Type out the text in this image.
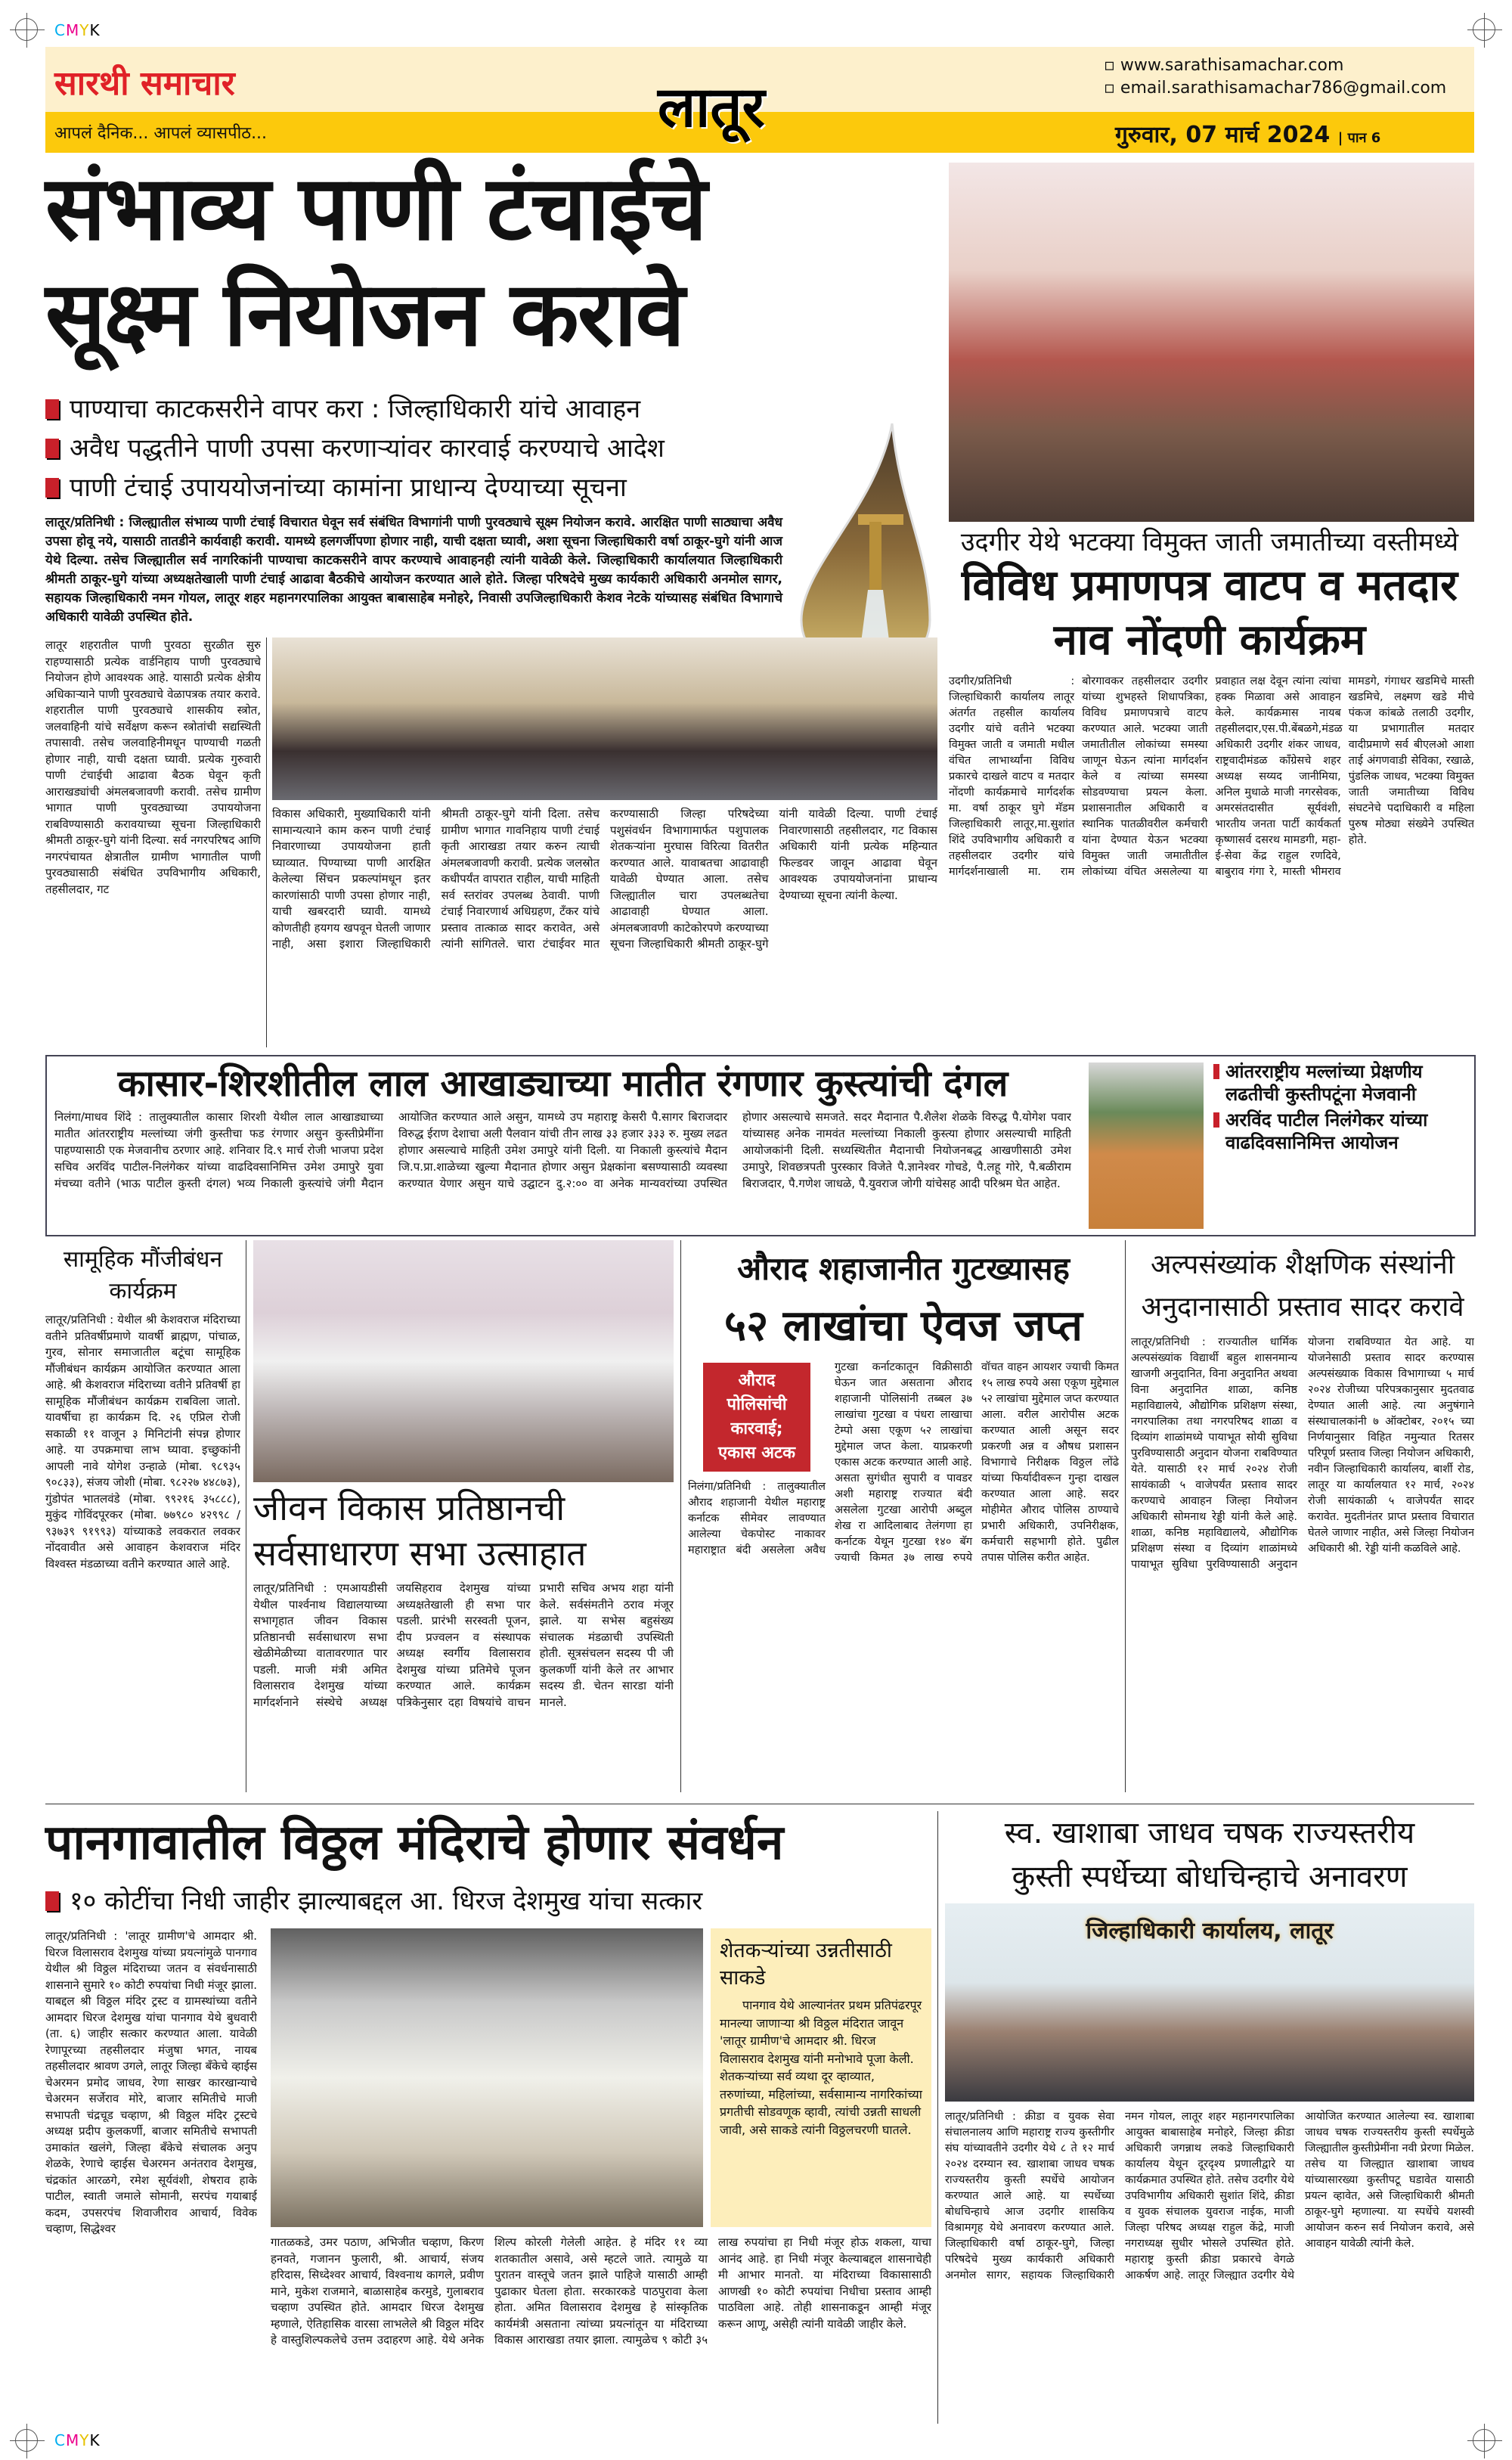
CMYK
CMYK
सारथी समाचार
आपलं दैनिक... आपलं व्यासपीठ...	लातूर
▫ www.sarathisamachar.com
▫ email.sarathisamachar786@gmail.com
गुरुवार, 07 मार्च 2024 | पान 6
संभाव्य पाणी टंचाईचे
सूक्ष्म नियोजन करावे
पाण्याचा काटकसरीने वापर करा : जिल्हाधिकारी यांचे आवाहन
अवैध पद्धतीने पाणी उपसा करणाऱ्यांवर कारवाई करण्याचे आदेश
पाणी टंचाई उपाययोजनांच्या कामांना प्राधान्य देण्याच्या सूचना
लातूर/प्रतिनिधी : जिल्ह्यातील संभाव्य पाणी टंचाई विचारात घेवून सर्व संबंधित विभागांनी पाणी पुरवठ्याचे सूक्ष्म नियोजन करावे. आरक्षित पाणी साठ्याचा अवैध उपसा होवू नये, यासाठी तातडीने कार्यवाही करावी. यामध्ये हलगर्जीपणा होणार नाही, याची दक्षता घ्यावी, अशा सूचना जिल्हाधिकारी वर्षा ठाकूर-घुगे यांनी आज येथे दिल्या. तसेच जिल्ह्यातील सर्व नागरिकांनी पाण्याचा काटकसरीने वापर करण्याचे आवाहनही त्यांनी यावेळी केले. जिल्हाधिकारी कार्यालयात जिल्हाधिकारी श्रीमती ठाकूर-घुगे यांच्या अध्यक्षतेखाली पाणी टंचाई आढावा बैठकीचे आयोजन करण्यात आले होते. जिल्हा परिषदेचे मुख्य कार्यकारी अधिकारी अनमोल सागर, सहायक जिल्हाधिकारी नमन गोयल, लातूर शहर महानगरपालिका आयुक्त बाबासाहेब मनोहरे, निवासी उपजिल्हाधिकारी केशव नेटके यांच्यासह संबंधित विभागाचे अधिकारी यावेळी उपस्थित होते.
लातूर शहरातील पाणी पुरवठा सुरळीत सुरु राहण्यासाठी प्रत्येक वार्डनिहाय पाणी पुरवठ्याचे नियोजन होणे आवश्यक आहे. यासाठी प्रत्येक क्षेत्रीय अधिकाऱ्याने पाणी पुरवठ्याचे वेळापत्रक तयार करावे. शहरातील पाणी पुरवठ्याचे शासकीय स्त्रोत, जलवाहिनी यांचे सर्वेक्षण करून स्त्रोतांची सद्यस्थिती तपासावी. तसेच जलवाहिनीमधून पाण्याची गळती होणार नाही, याची दक्षता घ्यावी. प्रत्येक गुरुवारी पाणी टंचाईची आढावा बैठक घेवून कृती आराखड्यांची अंमलबजावणी करावी. तसेच ग्रामीण भागात पाणी पुरवठ्याच्या उपाययोजना राबविण्यासाठी करावयाच्या सूचना जिल्हाधिकारी श्रीमती ठाकूर-घुगे यांनी दिल्या. सर्व नगरपरिषद आणि नगरपंचायत क्षेत्रातील ग्रामीण भागातील पाणी पुरवठ्यासाठी संबंधित उपविभागीय अधिकारी, तहसीलदार, गट
विकास अधिकारी, मुख्याधिकारी यांनी सामान्यत्याने काम करुन पाणी टंचाई निवारणाच्या उपाययोजना हाती घ्याव्यात. पिण्याच्या पाणी आरक्षित केलेल्या सिंचन प्रकल्पांमधून इतर कारणांसाठी पाणी उपसा होणार नाही, याची खबरदारी घ्यावी. यामध्ये कोणतीही हयगय खपवून घेतली जाणार नाही, असा इशारा जिल्हाधिकारी श्रीमती ठाकूर-घुगे यांनी दिला. तसेच ग्रामीण भागात गावनिहाय पाणी टंचाई कृती आराखडा तयार करुन त्याची अंमलबजावणी करावी. प्रत्येक जलस्रोत कधीपर्यंत वापरात राहील, याची माहिती सर्व स्तरांवर उपलब्ध ठेवावी. पाणी टंचाई निवारणार्थ अधिग्रहण, टँकर यांचे प्रस्ताव तात्काळ सादर करावेत, असे त्यांनी सांगितले. चारा टंचाईवर मात करण्यासाठी जिल्हा परिषदेच्या पशुसंवर्धन विभागामार्फत पशुपालक शेतकऱ्यांना मुरघास विरित्या वितरीत करण्यात आले. यावाबतचा आढावाही यावेळी घेण्यात आला. तसेच जिल्ह्यातील चारा उपलब्धतेचा आढावाही घेण्यात आला. अंमलबजावणी काटेकोरपणे करण्याच्या सूचना जिल्हाधिकारी श्रीमती ठाकूर-घुगे यांनी यावेळी दिल्या. पाणी टंचाई निवारणासाठी तहसीलदार, गट विकास अधिकारी यांनी प्रत्येक महिन्यात फिल्डवर जावून आढावा घेवून आवश्यक उपाययोजनांना प्राधान्य देण्याच्या सूचना त्यांनी केल्या.
उदगीर येथे भटक्या विमुक्त जाती जमातीच्या वस्तीमध्ये
विविध प्रमाणपत्र वाटप व मतदार नाव नोंदणी कार्यक्रम
उदगीर/प्रतिनिधी : जिल्हाधिकारी कार्यालय लातूर अंतर्गत तहसील कार्यालय उदगीर यांचे वतीने भटक्या विमुक्त जाती व जमाती मधील वंचित लाभार्थ्यांना विविध प्रकारचे दाखले वाटप व मतदार नोंदणी कार्यक्रमाचे मार्गदर्शक मा. वर्षा ठाकूर घुगे मॅडम जिल्हाधिकारी लातूर,मा.सुशांत शिंदे उपविभागीय अधिकारी व तहसीलदार उदगीर यांचे मार्गदर्शनाखाली मा. राम बोरगावकर तहसीलदार उदगीर यांच्या शुभहस्ते शिधापत्रिका, विविध प्रमाणपत्राचे वाटप करण्यात आले. भटक्या जाती जमातीतील लोकांच्या समस्या जाणून घेऊन त्यांना मार्गदर्शन केले व त्यांच्या समस्या सोडवण्याचा प्रयत्न केला. प्रशासनातील अधिकारी व स्थानिक पातळीवरील कर्मचारी यांना देण्यात येऊन भटक्या विमुक्त जाती जमातीतील लोकांच्या वंचित असलेल्या या प्रवाहात लक्ष देवून त्यांना त्यांचा हक्क मिळावा असे आवाहन केले. कार्यक्रमास नायब तहसीलदार,एस.पी.बेंबळगे,मंडळ अधिकारी उदगीर शंकर जाधव, राष्ट्रवादीमंडळ कॉंग्रेसचे शहर अध्यक्ष सय्यद जानीमिया, अनिल मुधाळे माजी नगरसेवक, अमरसंतदासीत सूर्यवंशी, भारतीय जनता पार्टी कार्यकर्ता कृष्णासर्व दसरथ मामडगी, महा-ई-सेवा केंद्र राहुल रणदिवे, बाबुराव गंगा रे, मास्ती भीमराव मामडगे, गंगाधर खडमिचे मास्ती खडमिचे, लक्ष्मण खडे मीचे पंकज कांबळे तलाठी उदगीर, या प्रभागातील मतदार वादीप्रमाणे सर्व बीएलओ आशा ताई अंगणवाडी सेविका, रखाळे, पुंडलिक जाधव, भटक्या विमुक्त जाती जमातीच्या विविध संघटनेचे पदाधिकारी व महिला पुरुष मोठ्या संख्येने उपस्थित होते.
कासार-शिरशीतील लाल आखाड्याच्या मातीत रंगणार कुस्त्यांची दंगल
निलंगा/माधव शिंदे : तालुक्यातील कासार शिरशी येथील लाल आखाड्याच्या मातीत आंतरराष्ट्रीय मल्लांच्या जंगी कुस्तीचा फड रंगणार असुन कुस्तीप्रेमींना पाहण्यासाठी एक मेजवानीच ठरणार आहे. शनिवार दि.९ मार्च रोजी भाजपा प्रदेश सचिव अरविंद पाटील-निलंगेकर यांच्या वाढदिवसानिमित्त उमेश उमापुरे युवा मंचच्या वतीने (भाऊ पाटील कुस्ती दंगल) भव्य निकाली कुस्त्यांचे जंगी मैदान आयोजित करण्यात आले असुन, यामध्ये उप महाराष्ट्र केसरी पै.सागर बिराजदार विरुद्ध ईराण देशाचा अली पैलवान यांची तीन लाख ३३ हजार ३३३ रु. मुख्य लढत होणार असल्याचे माहिती उमेश उमापुरे यांनी दिली. या निकाली कुस्त्यांचे मैदान जि.प.प्रा.शाळेच्या खुल्या मैदानात होणार असुन प्रेक्षकांना बसण्यासाठी व्यवस्था करण्यात येणार असुन याचे उद्घाटन दु.२:०० वा अनेक मान्यवरांच्या उपस्थित होणार असल्याचे समजते. सदर मैदानात पै.शैलेश शेळके विरुद्ध पै.योगेश पवार यांच्यासह अनेक नामवंत मल्लांच्या निकाली कुस्त्या होणार असल्याची माहिती आयोजकांनी दिली. सध्यस्थितीत मैदानाची नियोजनबद्ध आखणीसाठी उमेश उमापुरे, शिवछत्रपती पुरस्कार विजेते पै.ज्ञानेश्वर गोचडे, पै.लहू गोरे, पै.बळीराम बिराजदार, पै.गणेश जाधळे, पै.युवराज जोगी यांचेसह आदी परिश्रम घेत आहेत.
आंतरराष्ट्रीय मल्लांच्या प्रेक्षणीय लढतीची कुस्तीपटूंना मेजवानी
अरविंद पाटील निलंगेकर यांच्या वाढदिवसानिमित्त आयोजन
सामूहिक मौंजीबंधन कार्यक्रम
लातूर/प्रतिनिधी : येथील श्री केशवराज मंदिराच्या वतीने प्रतिवर्षीप्रमाणे यावर्षी ब्राह्मण, पांचाळ, गुरव, सोनार समाजातील बटूंचा सामूहिक मौंजीबंधन कार्यक्रम आयोजित करण्यात आला आहे. श्री केशवराज मंदिराच्या वतीने प्रतिवर्षी हा सामूहिक मौंजीबंधन कार्यक्रम राबविला जातो. यावर्षीचा हा कार्यक्रम दि. २६ एप्रिल रोजी सकाळी ११ वाजून ३ मिनिटांनी संपन्न होणार आहे. या उपक्रमाचा लाभ घ्यावा. इच्छुकांनी आपली नावे योगेश उन्हाळे (मोबा. ९८९३५ ९०८३३), संजय जोशी (मोबा. ९८२२७ ४४८७३), गुंडोपंत भातलवंडे (मोबा. ९९२१६ ३५८८८), मुकुंद गोविंदपूरकर (मोबा. ७७९८० ४२९९८ / ९३७३९ ९१९९३) यांच्याकडे लवकरात लवकर नोंदवावीत असे आवाहन केशवराज मंदिर विश्वस्त मंडळाच्या वतीने करण्यात आले आहे.
जीवन विकास प्रतिष्ठानची सर्वसाधारण सभा उत्साहात
लातूर/प्रतिनिधी : एमआयडीसी येथील पार्श्वनाथ विद्यालयाच्या सभागृहात जीवन विकास प्रतिष्ठानची सर्वसाधारण सभा खेळीमेळीच्या वातावरणात पार पडली. माजी मंत्री अमित विलासराव देशमुख यांच्या मार्गदर्शनाने संस्थेचे अध्यक्ष जयसिहराव देशमुख यांच्या अध्यक्षतेखाली ही सभा पार पडली. प्रारंभी सरस्वती पूजन, दीप प्रज्वलन व संस्थापक अध्यक्ष स्वर्गीय विलासराव देशमुख यांच्या प्रतिमेचे पूजन करण्यात आले. कार्यक्रम पत्रिकेनुसार दहा विषयांचे वाचन प्रभारी सचिव अभय शहा यांनी केले. सर्वसंमतीने ठराव मंजूर झाले. या सभेस बहुसंख्य संचालक मंडळाची उपस्थिती होती. सूत्रसंचलन सदस्य पी जी कुलकर्णी यांनी केले तर आभार सदस्य डी. चेतन सारडा यांनी मानले.
औराद शहाजानीत गुटख्यासह
५२ लाखांचा ऐवज जप्त
औराद पोलिसांची कारवाई; एकास अटक
निलंगा/प्रतिनिधी : तालुक्यातील औराद शहाजानी येथील महाराष्ट्र कर्नाटक सीमेवर लावण्यात आलेल्या चेकपोस्ट नाकावर महाराष्ट्रात बंदी असलेला अवैध गुटखा कर्नाटकातून विक्रीसाठी घेऊन जात असताना औराद शहाजानी पोलिसांनी तब्बल ३७ लाखांचा गुटखा व पंधरा लाखाचा टेम्पो असा एकूण ५२ लाखांचा मुद्देमाल जप्त केला. याप्रकरणी एकास अटक करण्यात आली आहे. असता सुगंधीत सुपारी व पावडर अशी महाराष्ट्र राज्यात बंदी असलेला गुटखा आरोपी अब्दुल शेख रा आदिलाबाद तेलंगणा हा कर्नाटक येथून गुटखा १४० बॅग ज्याची किमत ३७ लाख रुपये वॉचत वाहन आयशर ज्याची किमत १५ लाख रुपये असा एकूण मुद्देमाल ५२ लाखांचा मुद्देमाल जप्त करण्यात आला. वरील आरोपीस अटक करण्यात आली असून सदर प्रकरणी अन्न व औषध प्रशासन विभागाचे निरीक्षक विठ्ठल लोंढे यांच्या फिर्यादीवरून गुन्हा दाखल करण्यात आला आहे. सदर मोहीमेत औराद पोलिस ठाण्याचे प्रभारी अधिकारी, उपनिरीक्षक, कर्मचारी सहभागी होते. पुढील तपास पोलिस करीत आहेत.
अल्पसंख्यांक शैक्षणिक संस्थांनी अनुदानासाठी प्रस्ताव सादर करावे
लातूर/प्रतिनिधी : राज्यातील धार्मिक अल्पसंख्यांक विद्यार्थी बहुल शासनमान्य खाजगी अनुदानित, विना अनुदानित अथवा विना अनुदानित शाळा, कनिष्ठ महाविद्यालये, औद्योगिक प्रशिक्षण संस्था, नगरपालिका तथा नगरपरिषद शाळा व दिव्यांग शाळांमध्ये पायाभूत सोयी सुविधा पुरविण्यासाठी अनुदान योजना राबविण्यात येते. यासाठी १२ मार्च २०२४ रोजी सायंकाळी ५ वाजेपर्यंत प्रस्ताव सादर करण्याचे आवाहन जिल्हा नियोजन अधिकारी सोमनाथ रेड्डी यांनी केले आहे. शाळा, कनिष्ठ महाविद्यालये, औद्योगिक प्रशिक्षण संस्था व दिव्यांग शाळांमध्ये पायाभूत सुविधा पुरविण्यासाठी अनुदान योजना राबविण्यात येत आहे. या योजनेसाठी प्रस्ताव सादर करण्यास अल्पसंख्याक विकास विभागाच्या ५ मार्च २०२४ रोजीच्या परिपत्रकानुसार मुदतवाढ देण्यात आली आहे. त्या अनुषंगाने संस्थाचालकांनी ७ ऑक्टोबर, २०१५ च्या निर्णयानुसार विहित नमुन्यात रितसर परिपूर्ण प्रस्ताव जिल्हा नियोजन अधिकारी, नवीन जिल्हाधिकारी कार्यालय, बार्शी रोड, लातूर या कार्यालयात १२ मार्च, २०२४ रोजी सायंकाळी ५ वाजेपर्यंत सादर करावेत. मुदतीनंतर प्राप्त प्रस्ताव विचारात घेतले जाणार नाहीत, असे जिल्हा नियोजन अधिकारी श्री. रेड्डी यांनी कळविले आहे.
पानगावातील विठ्ठल मंदिराचे होणार संवर्धन
१० कोटींचा निधी जाहीर झाल्याबद्दल आ. धिरज देशमुख यांचा सत्कार
लातूर/प्रतिनिधी : 'लातूर ग्रामीण'चे आमदार श्री. धिरज विलासराव देशमुख यांच्या प्रयत्नांमुळे पानगाव येथील श्री विठ्ठल मंदिराच्या जतन व संवर्धनासाठी शासनाने सुमारे १० कोटी रुपयांचा निधी मंजूर झाला. याबद्दल श्री विठ्ठल मंदिर ट्रस्ट व ग्रामस्थांच्या वतीने आमदार धिरज देशमुख यांचा पानगाव येथे बुधवारी (ता. ६) जाहीर सत्कार करण्यात आला. यावेळी रेणापूरच्या तहसीलदार मंजुषा भगत, नायब तहसीलदार श्रावण उगले, लातूर जिल्हा बँकेचे व्हाईस चेअरमन प्रमोद जाधव, रेणा साखर कारखान्याचे चेअरमन सर्जेराव मोरे, बाजार समितीचे माजी सभापती चंद्रचूड चव्हाण, श्री विठ्ठल मंदिर ट्रस्टचे अध्यक्ष प्रदीप कुलकर्णी, बाजार समितीचे सभापती उमाकांत खलंगे, जिल्हा बँकेचे संचालक अनुप शेळके, रेणाचे व्हाईस चेअरमन अनंतराव देशमुख, चंद्रकांत आरळगे, रमेश सूर्यवंशी, शेषराव हाके पाटील, स्वाती जमाले सोमानी, सरपंच गयाबाई कदम, उपसरपंच शिवाजीराव आचार्य, विवेक चव्हाण, सिद्धेश्वर
शेतकऱ्यांच्या उन्नतीसाठी साकडे
पानगाव येथे आल्यानंतर प्रथम प्रतिपंढरपूर मानल्या जाणाऱ्या श्री विठ्ठल मंदिरात जावून 'लातूर ग्रामीण'चे आमदार श्री. धिरज विलासराव देशमुख यांनी मनोभावे पूजा केली. शेतकऱ्यांच्या सर्व व्यथा दूर व्हाव्यात, तरुणांच्या, महिलांच्या, सर्वसामान्य नागरिकांच्या प्रगतीची सोडवणूक व्हावी, त्यांची उन्नती साधली जावी, असे साकडे त्यांनी विठ्ठलचरणी घातले.
गातळकडे, उमर पठाण, अभिजीत चव्हाण, किरण हनवते, गजानन फुलारी, श्री. आचार्य, संजय हरिदास, सिध्देश्वर आचार्य, विश्वनाथ कागले, प्रवीण माने, मुकेश राजमाने, बाळासाहेब करमुडे, गुलाबराव चव्हाण उपस्थित होते. आमदार धिरज देशमुख म्हणाले, ऐतिहासिक वारसा लाभलेले श्री विठ्ठल मंदिर हे वास्तुशिल्पकलेचे उत्तम उदाहरण आहे. येथे अनेक शिल्प कोरली गेलेली आहेत. हे मंदिर ११ व्या शतकातील असावे, असे म्हटले जाते. त्यामुळे या पुरातन वास्तूचे जतन झाले पाहिजे यासाठी आम्ही पुढाकार घेतला होता. सरकारकडे पाठपुरावा केला होता. अमित विलासराव देशमुख हे सांस्कृतिक कार्यमंत्री असताना त्यांच्या प्रयत्नांतून या मंदिराच्या विकास आराखडा तयार झाला. त्यामुळेच ९ कोटी ३५ लाख रुपयांचा हा निधी मंजूर होऊ शकला, याचा आनंद आहे. हा निधी मंजूर केल्याबद्दल शासनाचेही मी आभार मानतो. या मंदिराच्या विकासासाठी आणखी १० कोटी रुपयांचा निधीचा प्रस्ताव आम्ही पाठविला आहे. तोही शासनाकडून आम्ही मंजूर करून आणू, असेही त्यांनी यावेळी जाहीर केले.
स्व. खाशाबा जाधव चषक राज्यस्तरीय
कुस्ती स्पर्धेच्या बोधचिन्हाचे अनावरण
जिल्हाधिकारी कार्यालय, लातूर
लातूर/प्रतिनिधी : क्रीडा व युवक सेवा संचालनालय आणि महाराष्ट्र राज्य कुस्तीगीर संघ यांच्यावतीने उदगीर येथे ८ ते १२ मार्च २०२४ दरम्यान स्व. खाशाबा जाधव चषक राज्यस्तरीय कुस्ती स्पर्धेचे आयोजन करण्यात आले आहे. या स्पर्धेच्या बोधचिन्हाचे आज उदगीर शासकिय विश्रामगृह येथे अनावरण करण्यात आले. जिल्हाधिकारी वर्षा ठाकूर-घुगे, जिल्हा परिषदेचे मुख्य कार्यकारी अधिकारी अनमोल सागर, सहायक जिल्हाधिकारी नमन गोयल, लातूर शहर महानगरपालिका आयुक्त बाबासाहेब मनोहरे, जिल्हा क्रीडा अधिकारी जगन्नाथ लकडे जिल्हाधिकारी कार्यालय येथून दूरदृश्य प्रणालीद्वारे या कार्यक्रमात उपस्थित होते. तसेच उदगीर येथे उपविभागीय अधिकारी सुशांत शिंदे, क्रीडा व युवक संचालक युवराज नाईक, माजी जिल्हा परिषद अध्यक्ष राहुल केंद्रे, माजी नगराध्यक्ष सुधीर भोसले उपस्थित होते. महाराष्ट्र कुस्ती क्रीडा प्रकारचे वेगळे आकर्षण आहे. लातूर जिल्ह्यात उदगीर येथे आयोजित करण्यात आलेल्या स्व. खाशाबा जाधव चषक राज्यस्तरीय कुस्ती स्पर्धेमुळे जिल्ह्यातील कुस्तीप्रेमींना नवी प्रेरणा मिळेल. तसेच या जिल्ह्यात खाशाबा जाधव यांच्यासारख्या कुस्तीपटू घडावेत यासाठी प्रयत्न व्हावेत, असे जिल्हाधिकारी श्रीमती ठाकूर-घुगे म्हणाल्या. या स्पर्धेचे यशस्वी आयोजन करुन सर्व नियोजन करावे, असे आवाहन यावेळी त्यांनी केले.
